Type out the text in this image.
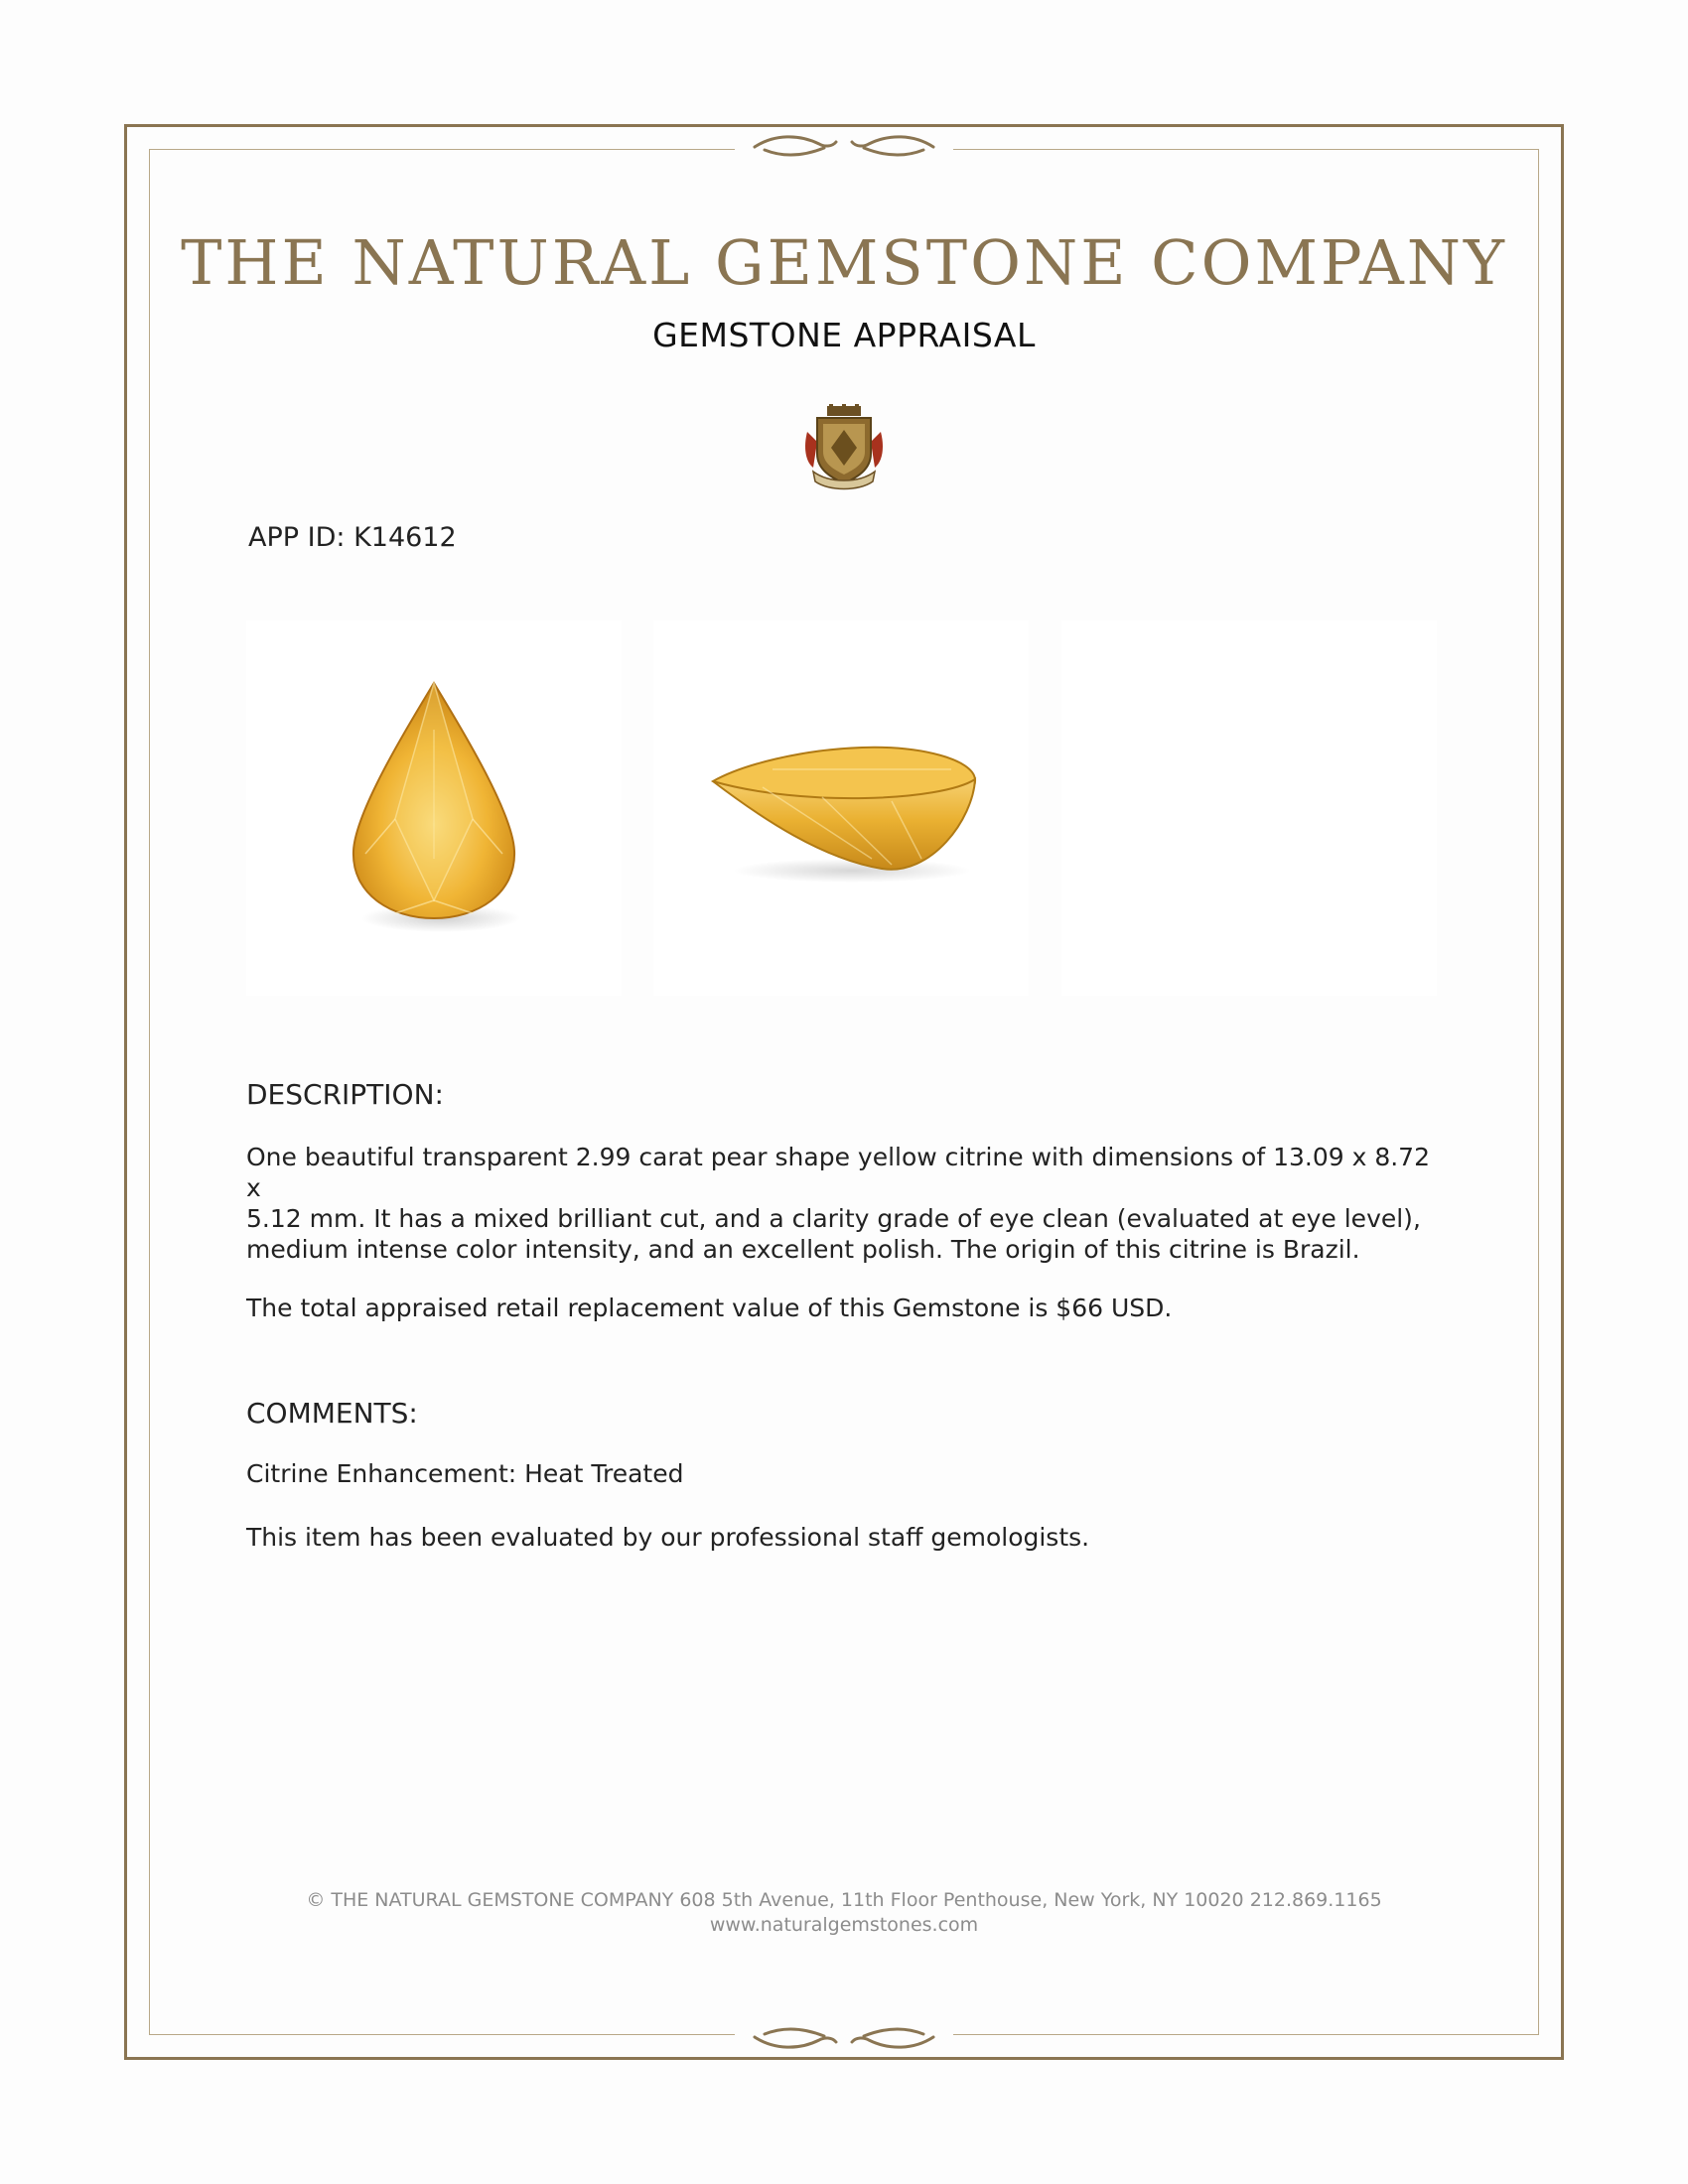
THE NATURAL GEMSTONE COMPANY
GEMSTONE APPRAISAL
APP ID: K14612
DESCRIPTION:
One beautiful transparent 2.99 carat pear shape yellow citrine with dimensions of 13.09 x 8.72 x
5.12 mm. It has a mixed brilliant cut, and a clarity grade of eye clean (evaluated at eye level),
medium intense color intensity, and an excellent polish. The origin of this citrine is Brazil.
The total appraised retail replacement value of this Gemstone is $66 USD.
COMMENTS:
Citrine Enhancement: Heat Treated
This item has been evaluated by our professional staff gemologists.
© THE NATURAL GEMSTONE COMPANY 608 5th Avenue, 11th Floor Penthouse, New York, NY 10020 212.869.1165
www.naturalgemstones.com
